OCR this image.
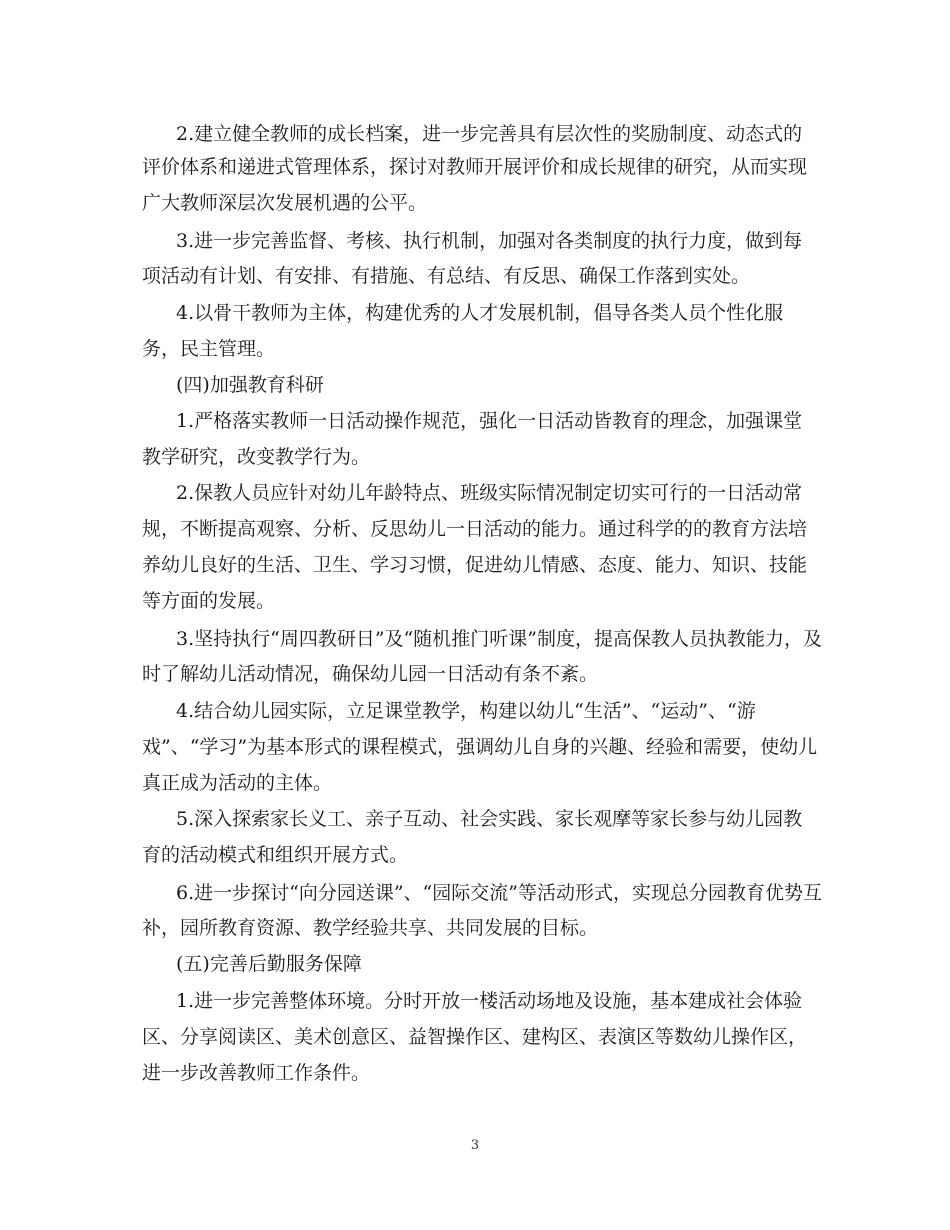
2.建立健全教师的成长档案，进一步完善具有层次性的奖励制度、动态式的
评价体系和递进式管理体系，探讨对教师开展评价和成长规律的研究，从而实现
广大教师深层次发展机遇的公平。
3.进一步完善监督、考核、执行机制，加强对各类制度的执行力度，做到每
项活动有计划、有安排、有措施、有总结、有反思、确保工作落到实处。
4.以骨干教师为主体，构建优秀的人才发展机制，倡导各类人员个性化服
务，民主管理。
(四)加强教育科研
1.严格落实教师一日活动操作规范，强化一日活动皆教育的理念，加强课堂
教学研究，改变教学行为。
2.保教人员应针对幼儿年龄特点、班级实际情况制定切实可行的一日活动常
规，不断提高观察、分析、反思幼儿一日活动的能力。通过科学的的教育方法培
养幼儿良好的生活、卫生、学习习惯，促进幼儿情感、态度、能力、知识、技能
等方面的发展。
3.坚持执行“周四教研日”及“随机推门听课”制度，提高保教人员执教能力，及
时了解幼儿活动情况，确保幼儿园一日活动有条不紊。
4.结合幼儿园实际，立足课堂教学，构建以幼儿“生活”、“运动”、“游
戏”、“学习”为基本形式的课程模式，强调幼儿自身的兴趣、经验和需要，使幼儿
真正成为活动的主体。
5.深入探索家长义工、亲子互动、社会实践、家长观摩等家长参与幼儿园教
育的活动模式和组织开展方式。
6.进一步探讨“向分园送课”、“园际交流”等活动形式，实现总分园教育优势互
补，园所教育资源、教学经验共享、共同发展的目标。
(五)完善后勤服务保障
1.进一步完善整体环境。分时开放一楼活动场地及设施，基本建成社会体验
区、分享阅读区、美术创意区、益智操作区、建构区、表演区等数幼儿操作区，
进一步改善教师工作条件。
3
